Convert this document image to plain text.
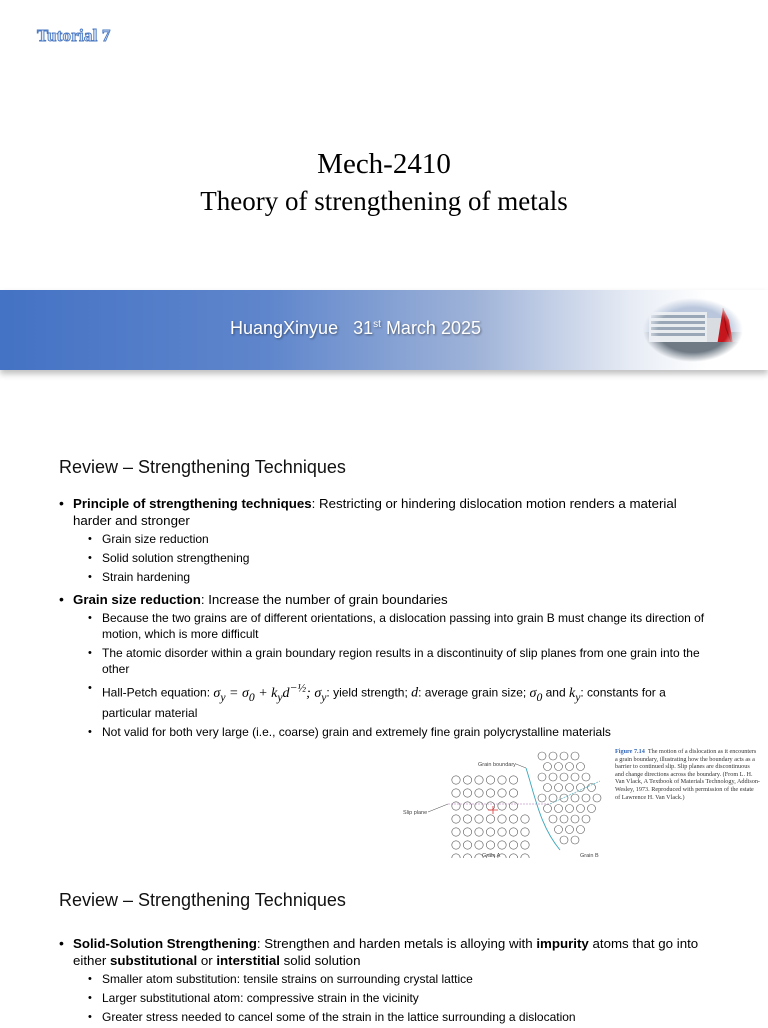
Tutorial 7
Mech-2410
Theory of strengthening of metals
HuangXinyue 31st March 2025
Review – Strengthening Techniques
• Principle of strengthening techniques: Restricting or hindering dislocation motion renders a material harder and stronger
• Grain size reduction
• Solid solution strengthening
• Strain hardening
• Grain size reduction: Increase the number of grain boundaries
• Because the two grains are of different orientations, a dislocation passing into grain B must change its direction of motion, which is more difficult
• The atomic disorder within a grain boundary region results in a discontinuity of slip planes from one grain into the other
• Hall-Petch equation: $\sigma_y = \sigma_0 + k_yd^{-\frac{1}{2}}$; $\sigma_y$: yield strength; d: average grain size; $\sigma_0$ and $k_y$: constants for a particular material
• Not valid for both very large (i.e., coarse) grain and extremely fine grain polycrystalline materials
Grain boundary
Slip plane
Grain A	Grain B
Figure 7.14 The motion of a dislocation as it encounters a grain boundary, illustrating how the boundary acts as a barrier to continued slip. Slip planes are discontinuous and change directions across the boundary. (From L. H. Van Vlack, A Textbook of Materials Technology, Addison-Wesley, 1973. Reproduced with permission of the estate of Lawrence H. Van Vlack.)
Review – Strengthening Techniques
• Solid-Solution Strengthening: Strengthen and harden metals is alloying with impurity atoms that go into either substitutional or interstitial solid solution
• Smaller atom substitution: tensile strains on surrounding crystal lattice
• Larger substitutional atom: compressive strain in the vicinity
• Greater stress needed to cancel some of the strain in the lattice surrounding a dislocation
